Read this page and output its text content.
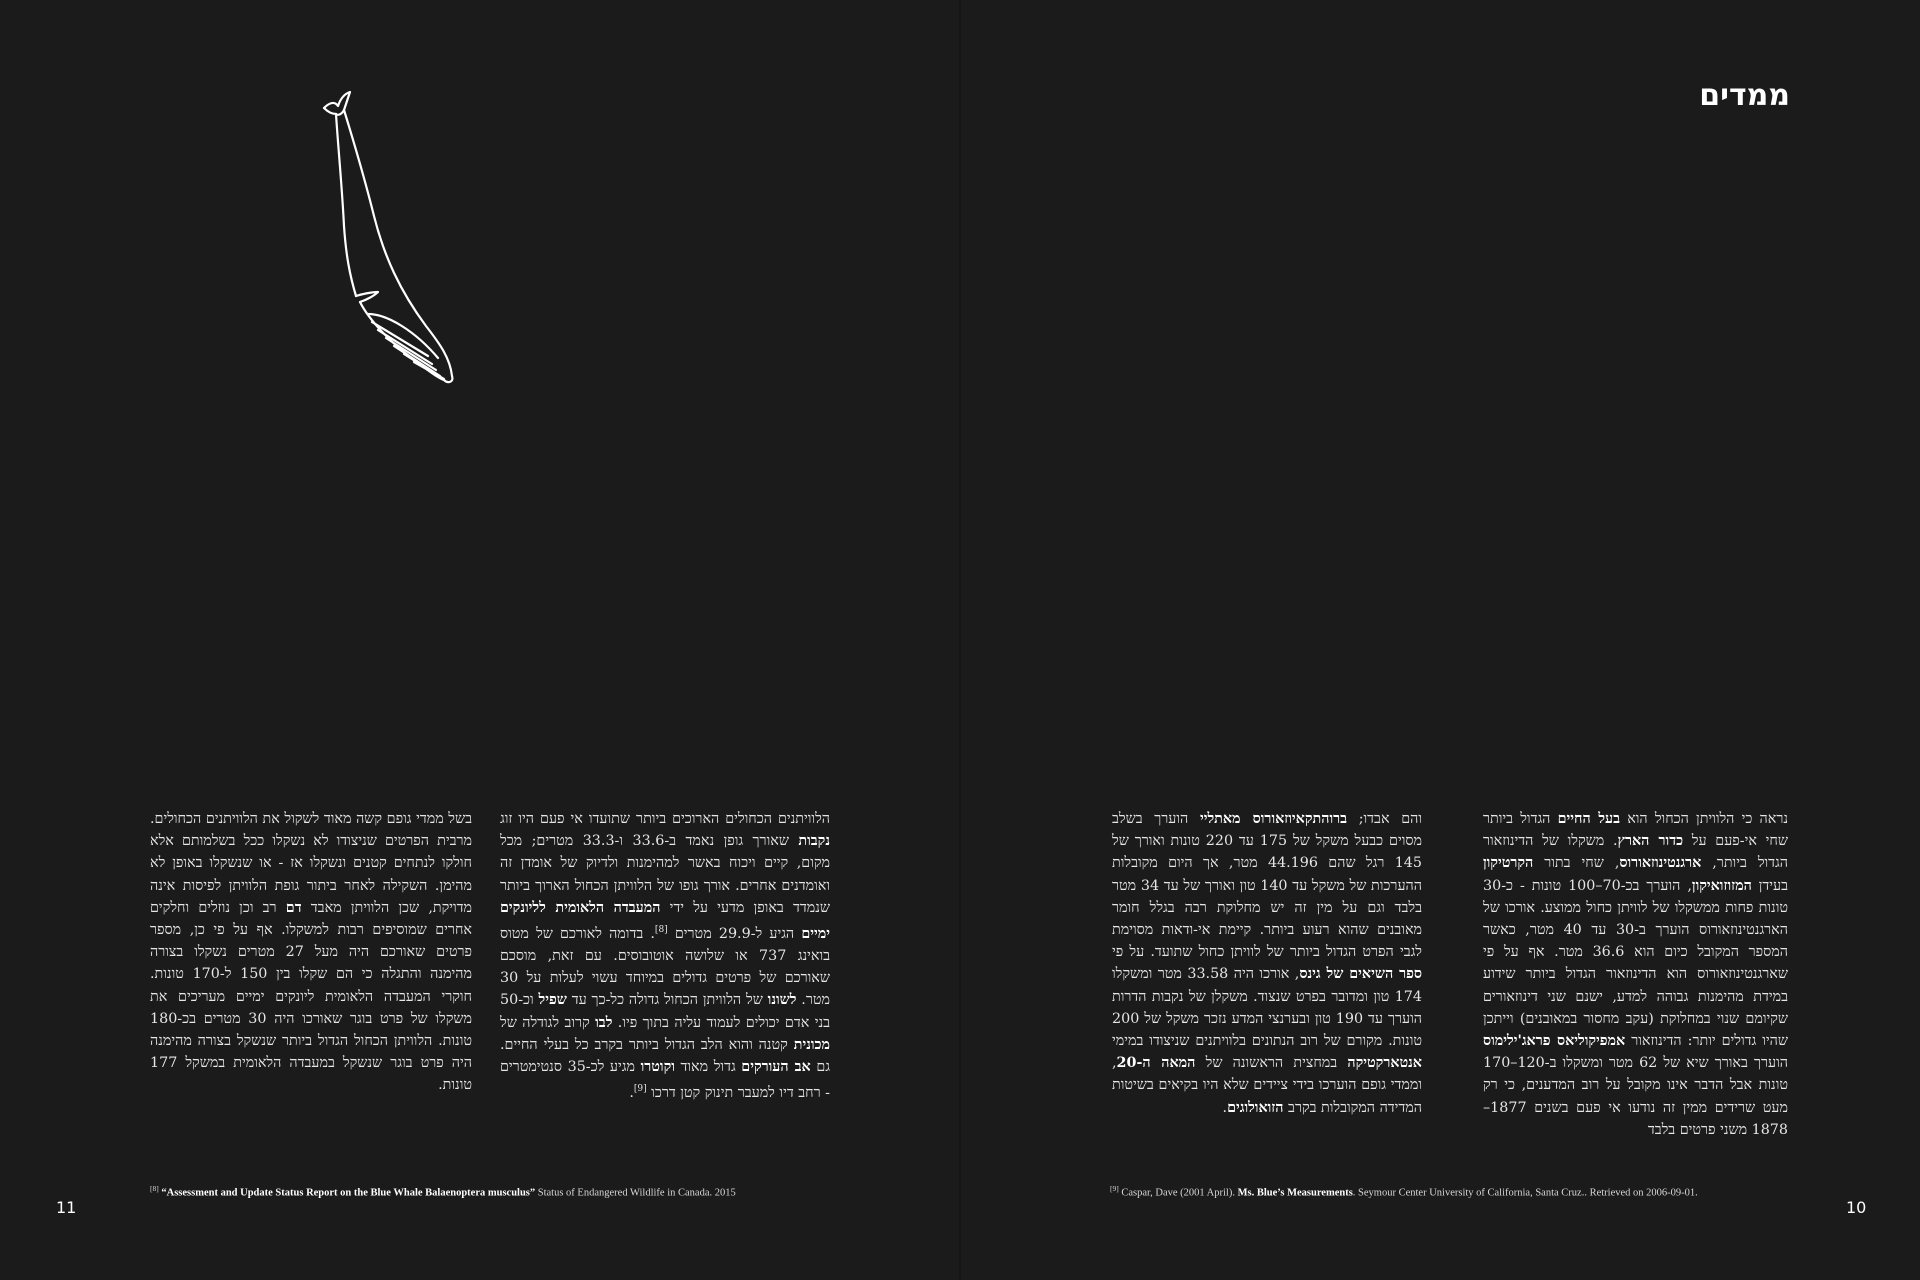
ממדים

נראה כי הלוויתן הכחול הוא בעל החיים הגדול ביותר שחי אי-פעם על כדור הארץ. משקלו של הדינוזאור הגדול ביותר, ארגנטינוזאורוס, שחי בתור הקרטיקון בעידן המזוזואיקון, הוערך בכ-70–100 טונות - כ-30 טונות פחות ממשקלו של לוויתן כחול ממוצע. אורכו של הארגנטינוזאורוס הוערך ב-30 עד 40 מטר, כאשר המספר המקובל כיום הוא 36.6 מטר. אף על פי שארגנטינוזאורוס הוא הדינוזאור הגדול ביותר שידוע במידת מהימנות גבוהה למדע, ישנם שני דינוזאורים שקיומם שנוי במחלוקת (עקב מחסור במאובנים) וייתכן שהיו גדולים יותר: הדינוזאור אמפיקוליאס פראג'ילימוס הוערך באורך שיא של 62 מטר ומשקלו ב-120–170 טונות אבל הדבר אינו מקובל על רוב המדענים, כי רק מעט שרידים ממין זה נודעו אי פעם בשנים 1877–1878 משני פרטים בלבד

והם אבדו; ברוהתקאיוזאורוס מאתליי הוערך בשלב מסוים כבעל משקל של 175 עד 220 טונות ואורך של 145 רגל שהם 44.196 מטר, אך היום מקובלות ההערכות של משקל עד 140 טון ואורך של עד 34 מטר בלבד וגם על מין זה יש מחלוקת רבה בגלל חומר מאובנים שהוא רעוע ביותר. קיימת אי-ודאות מסוימת לגבי הפרט הגדול ביותר של לוויתן כחול שתועד. על פי ספר השיאים של גינס, אורכו היה 33.58 מטר ומשקלו 174 טון ומדובר בפרט שנצוד. משקלן של נקבות הדרות הוערך עד 190 טון ובערנצי המדע נזכר משקל של 200 טונות. מקורם של רוב הנתונים בלוויתנים שניצודו במימי אנטארקטיקה במחצית הראשונה של המאה ה-20, וממדי גופם הוערכו בידי ציידים שלא היו בקיאים בשיטות המדידה המקובלות בקרב הזואולוגים.

הלוויתנים הכחולים הארוכים ביותר שתועדו אי פעם היו זוג נקבות שאורך גופן נאמד ב-33.6 ו-33.3 מטרים; מכל מקום, קיים ויכוח באשר למהימנות ולדיוק של אומדן זה ואומדנים אחרים. אורך גופו של הלוויתן הכחול הארוך ביותר שנמדד באופן מדעי על ידי המעבדה הלאומית לליונקים ימיים הגיע ל-29.9 מטרים [8]. בדומה לאורכם של מטוס בואינג 737 או שלושה אוטובוסים. עם זאת, מוסכם שאורכם של פרטים גדולים במיוחד עשוי לעלות על 30 מטר. לשונו של הלוויתן הכחול גדולה כל-כך עד שפיל וכ-50 בני אדם יכולים לעמוד עליה בתוך פיו. לבו קרוב לגודלה של מכונית קטנה והוא הלב הגדול ביותר בקרב כל בעלי החיים. גם אב העורקים גדול מאוד וקוטרו מגיע לכ-35 סנטימטרים - רחב דיו למעבר תינוק קטן דרכו [9].

בשל ממדי גופם קשה מאוד לשקול את הלוויתנים הכחולים. מרבית הפרטים שניצודו לא נשקלו ככל בשלמותם אלא חולקו לנתחים קטנים ונשקלו אז - או שנשקלו באופן לא מהימן. השקילה לאחר ביתור גופת הלוויתן לפיסות אינה מדויקת, שכן הלוויתן מאבד דם רב וכן נוזלים וחלקים אחרים שמוסיפים רבות למשקלו. אף על פי כן, מספר פרטים שאורכם היה מעל 27 מטרים נשקלו בצורה מהימנה והתגלה כי הם שקלו בין 150 ל-170 טונות. חוקרי המעבדה הלאומית ליונקים ימיים מעריכים את משקלו של פרט בוגר שאורכו היה 30 מטרים בכ-180 טונות. הלוויתן הכחול הגדול ביותר שנשקל בצורה מהימנה היה פרט בוגר שנשקל במעבדה הלאומית במשקל 177 טונות.

[8] “Assessment and Update Status Report on the Blue Whale Balaenoptera musculus” Status of Endangered Wildlife in Canada. 2015	[9] Caspar, Dave (2001 April). Ms. Blue’s Measurements. Seymour Center University of California, Santa Cruz.. Retrieved on 2006-09-01.
11	10
